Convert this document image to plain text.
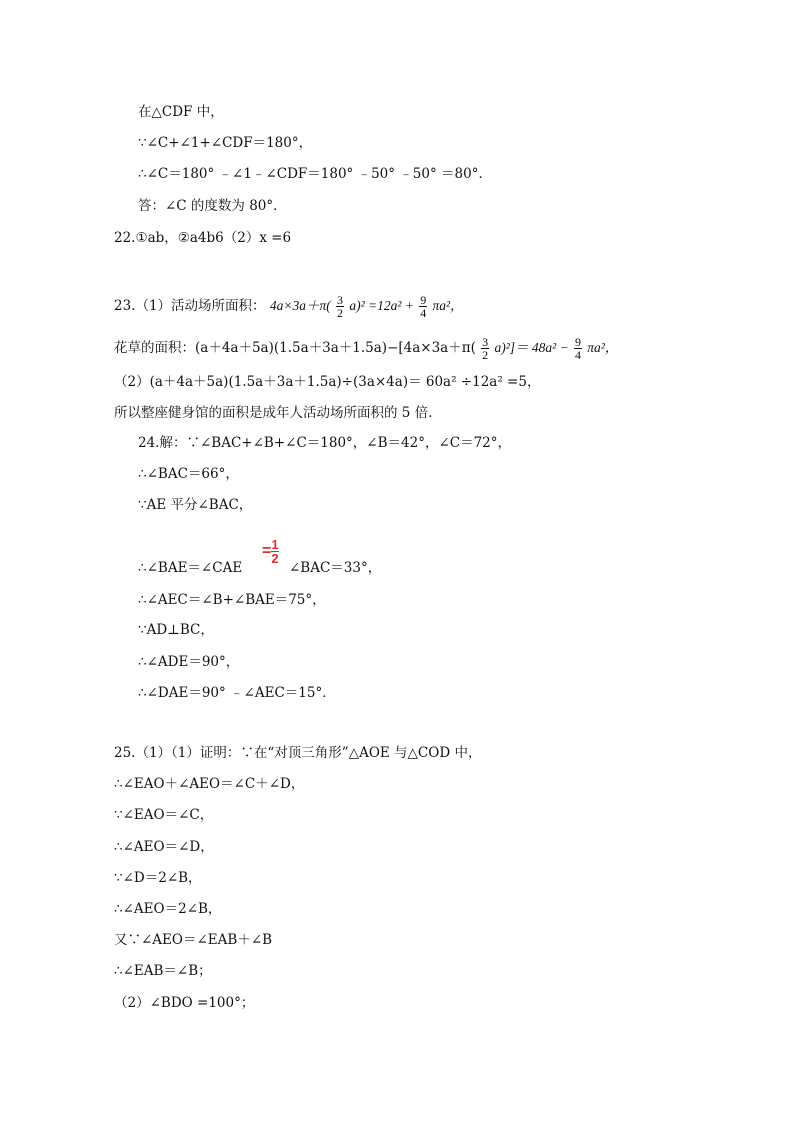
在△CDF 中，
∵∠C+∠1+∠CDF＝180°，
∴∠C＝180° ﹣∠1﹣∠CDF＝180° ﹣50° ﹣50° ＝80°．
答：∠C 的度数为 80°．
22.①ab，②a4b6（2）x =6
23.（1）活动场所面积： $4a\times 3a+\pi( \frac{3}{2} a)^2 =12a^2 + \frac{9}{4} \pi a^2$，
花草的面积：$(a+4a+5a)(1.5a+3a+1.5a)-[4a\times 3a+\pi( \frac{3}{2} a)^2]= 48a^2 - \frac{9}{4} \pi a^2$，
（2）(a＋4a＋5a)(1.5a＋3a＋1.5a)÷(3a×4a)＝ 60a² ÷12a² =5，
所以整座健身馆的面积是成年人活动场所面积的 5 倍.
24.解：∵∠BAC+∠B+∠C＝180°，∠B＝42°，∠C＝72°，
∴∠BAC＝66°，
∵AE 平分∠BAC，
∴∠BAE＝∠CAE
= $\frac{1}{2}$
∠BAC＝33°，
∴∠AEC＝∠B+∠BAE＝75°，
∵AD⊥BC，
∴∠ADE＝90°，
∴∠DAE＝90° ﹣∠AEC＝15°．
25.（1）（1）证明：∵在“对顶三角形”△AOE 与△COD 中，
∴∠EAO＋∠AEO＝∠C＋∠D，
∵∠EAO＝∠C，
∴∠AEO＝∠D，
∵∠D＝2∠B，
∴∠AEO＝2∠B，
又∵∠AEO＝∠EAB＋∠B
∴∠EAB＝∠B；
（2）∠BDO =100°；
